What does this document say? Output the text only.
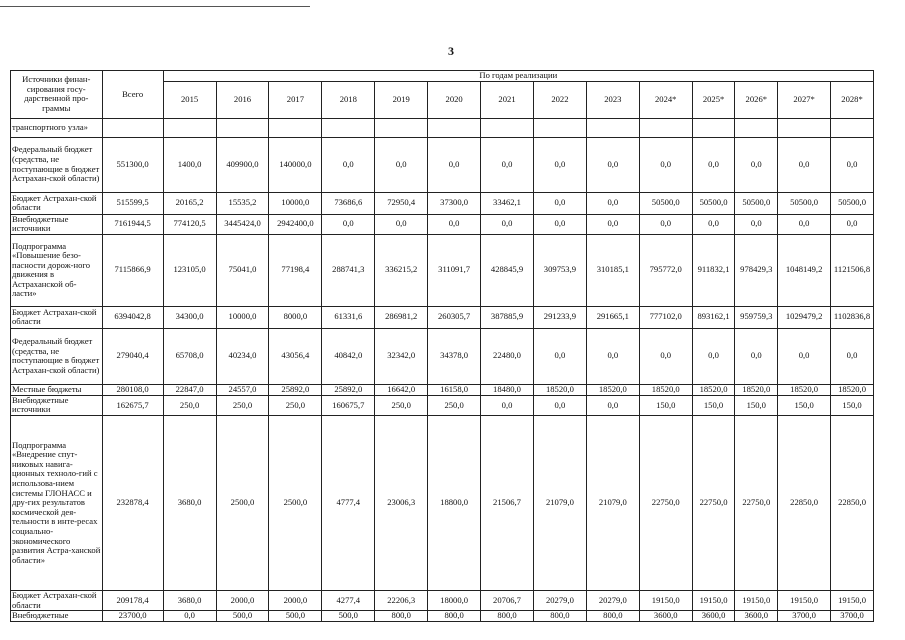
3
Источники финан-сирования госу-дарственной про-граммы	Всего	По годам реализации													
		2015	2016	2017	2018	2019	2020	2021	2022	2023	2024*	2025*	2026*	2027*	2028*
транспортного узла»															
Федеральный бюджет (средства, не поступающие в бюджет Астрахан-ской области)	551300,0	1400,0	409900,0	140000,0	0,0	0,0	0,0	0,0	0,0	0,0	0,0	0,0	0,0	0,0	0,0
Бюджет Астрахан-ской области	515599,5	20165,2	15535,2	10000,0	73686,6	72950,4	37300,0	33462,1	0,0	0,0	50500,0	50500,0	50500,0	50500,0	50500,0
Внебюджетные источники	7161944,5	774120,5	3445424,0	2942400,0	0,0	0,0	0,0	0,0	0,0	0,0	0,0	0,0	0,0	0,0	0,0
Подпрограмма «Повышение безо-пасности дорож-ного движения в Астраханской об-ласти»	7115866,9	123105,0	75041,0	77198,4	288741,3	336215,2	311091,7	428845,9	309753,9	310185,1	795772,0	911832,1	978429,3	1048149,2	1121506,8
Бюджет Астрахан-ской области	6394042,8	34300,0	10000,0	8000,0	61331,6	286981,2	260305,7	387885,9	291233,9	291665,1	777102,0	893162,1	959759,3	1029479,2	1102836,8
Федеральный бюджет (средства, не поступающие в бюджет Астрахан-ской области)	279040,4	65708,0	40234,0	43056,4	40842,0	32342,0	34378,0	22480,0	0,0	0,0	0,0	0,0	0,0	0,0	0,0
Местные бюджеты	280108,0	22847,0	24557,0	25892,0	25892,0	16642,0	16158,0	18480,0	18520,0	18520,0	18520,0	18520,0	18520,0	18520,0	18520,0
Внебюджетные источники	162675,7	250,0	250,0	250,0	160675,7	250,0	250,0	0,0	0,0	0,0	150,0	150,0	150,0	150,0	150,0
Подпрограмма «Внедрение спут-никовых навига-ционных техноло-гий с использова-нием системы ГЛОНАСС и дру-гих результатов космической дея-тельности в инте-ресах социально-экономического развития Астра-ханской области»	232878,4	3680,0	2500,0	2500,0	4777,4	23006,3	18800,0	21506,7	21079,0	21079,0	22750,0	22750,0	22750,0	22850,0	22850,0
Бюджет Астрахан-ской области	209178,4	3680,0	2000,0	2000,0	4277,4	22206,3	18000,0	20706,7	20279,0	20279,0	19150,0	19150,0	19150,0	19150,0	19150,0
Внебюджетные	23700,0	0,0	500,0	500,0	500,0	800,0	800,0	800,0	800,0	800,0	3600,0	3600,0	3600,0	3700,0	3700,0
